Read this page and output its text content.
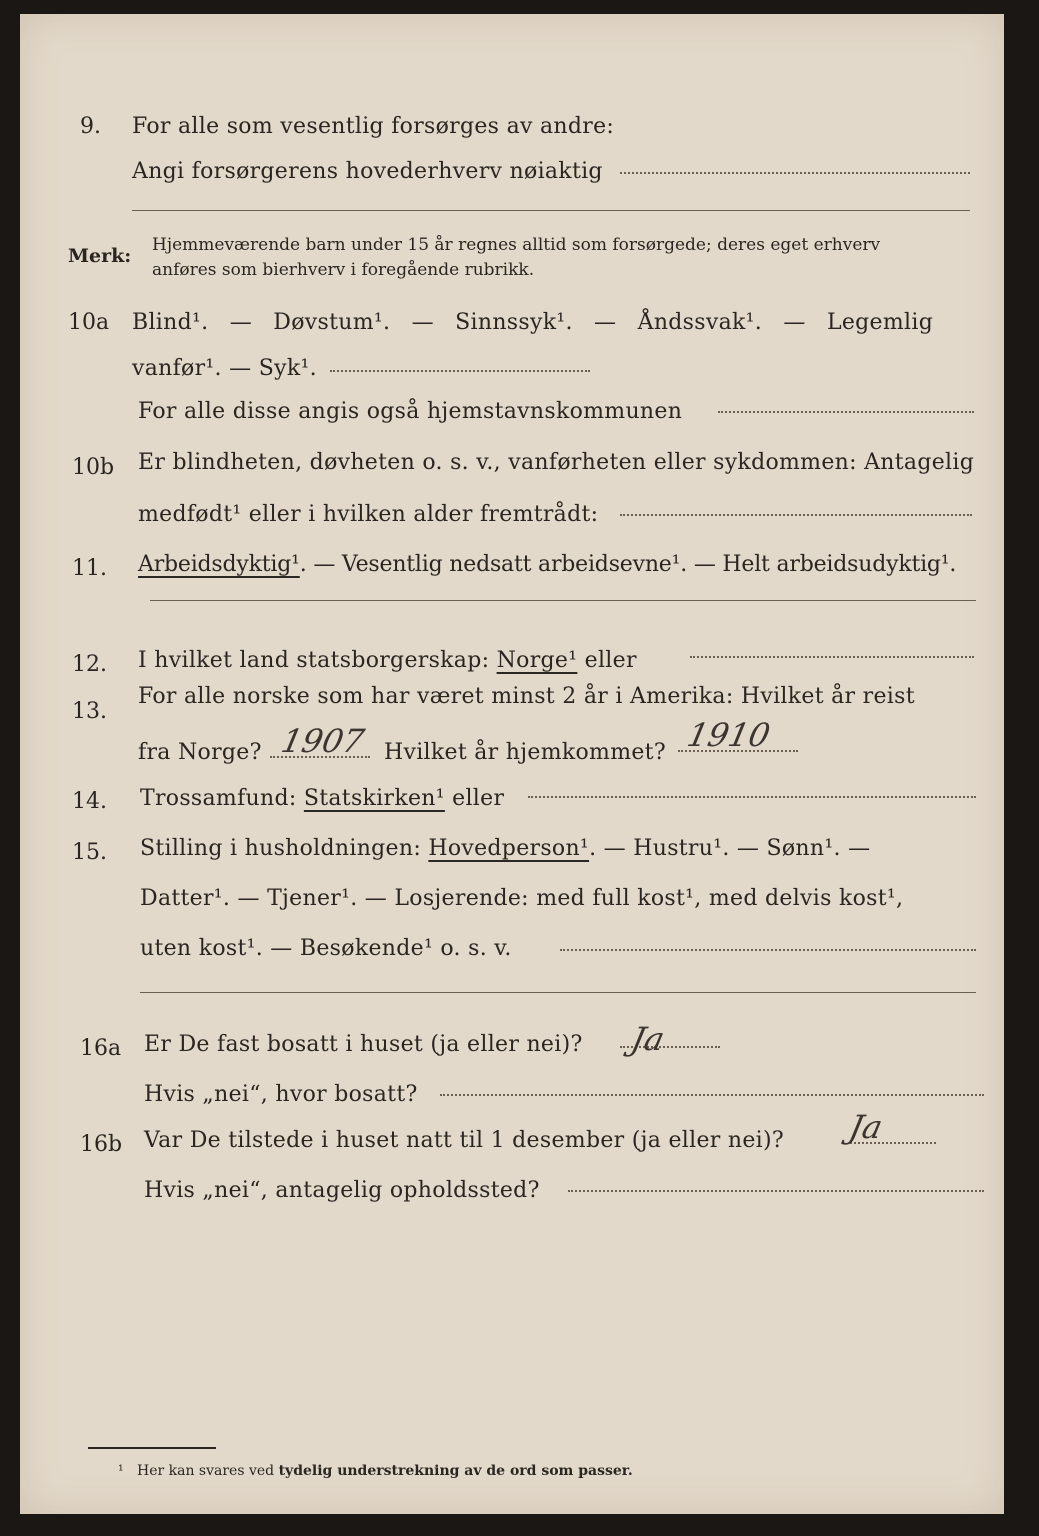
9. For alle som vesentlig forsørges av andre:
Angi forsørgerens hovederhverv nøiaktig
Merk: Hjemmeværende barn under 15 år regnes alltid som forsørgede; deres eget erhverv
anføres som bierhverv i foregående rubrikk.
10a Blind¹. — Døvstum¹. — Sinnssyk¹. — Åndssvak¹. — Legemlig
vanfør¹. — Syk¹.
For alle disse angis også hjemstavnskommunen
10b Er blindheten, døvheten o. s. v., vanførheten eller sykdommen: Antagelig
medfødt¹ eller i hvilken alder fremtrådt:
11. Arbeidsdyktig¹. — Vesentlig nedsatt arbeidsevne¹. — Helt arbeidsudyktig¹.
12. I hvilket land statsborgerskap: Norge¹ eller
13.
For alle norske som har været minst 2 år i Amerika: Hvilket år reist
fra Norge? 1907 Hvilket år hjemkommet? 1910
14. Trossamfund: Statskirken¹ eller
15. Stilling i husholdningen: Hovedperson¹. — Hustru¹. — Sønn¹. —
Datter¹. — Tjener¹. — Losjerende: med full kost¹, med delvis kost¹,
uten kost¹. — Besøkende¹ o. s. v.
16a Er De fast bosatt i huset (ja eller nei)? Ja
Hvis „nei“, hvor bosatt?
16b Var De tilstede i huset natt til 1 desember (ja eller nei)? Ja
Hvis „nei“, antagelig opholdssted?
¹ Her kan svares ved tydelig understrekning av de ord som passer.
